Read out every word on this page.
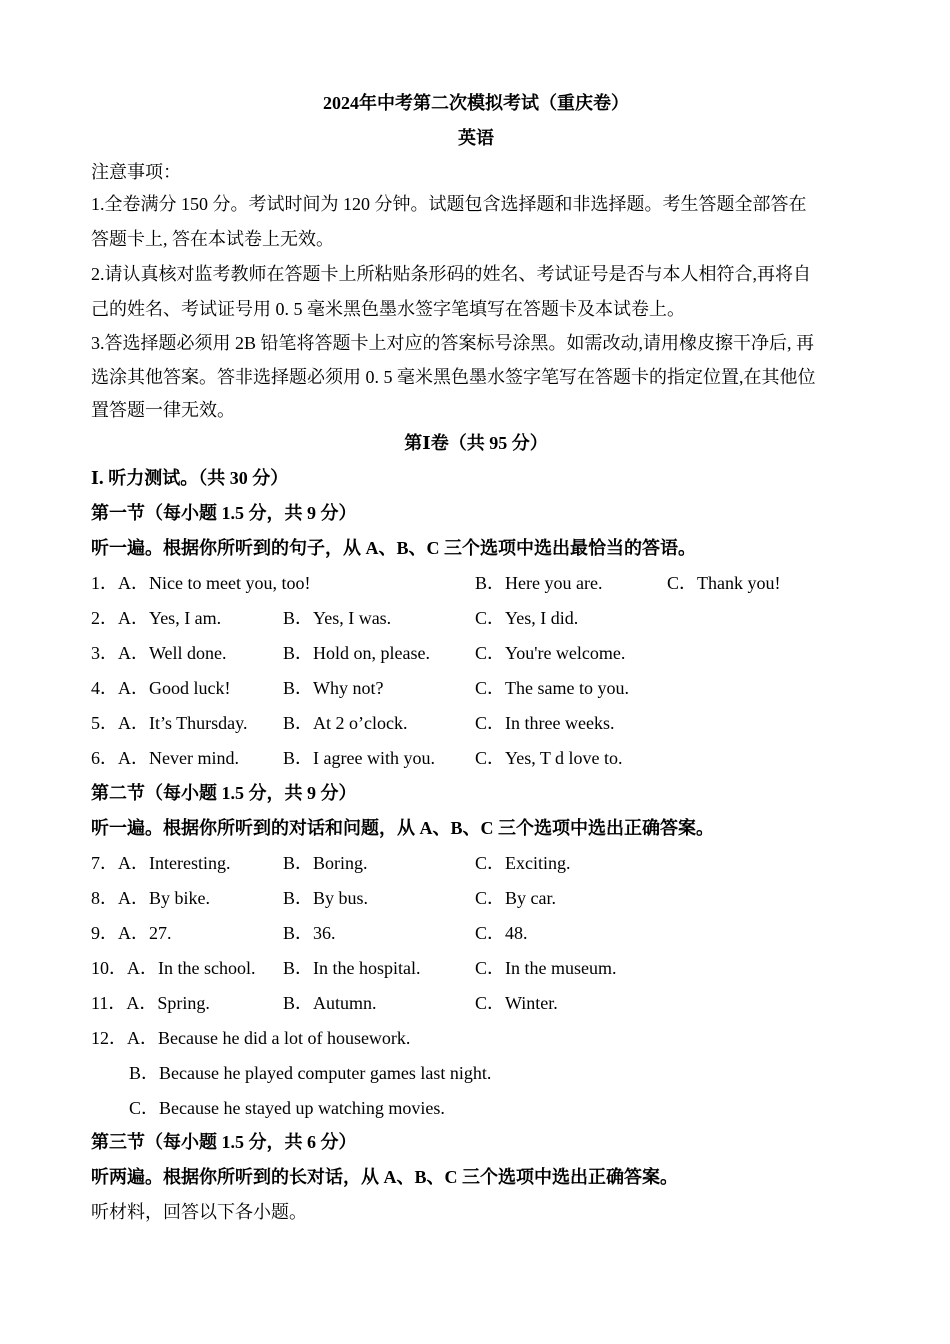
2024年中考第二次模拟考试（重庆卷）
英语
注意事项：
1.全卷满分 150 分。考试时间为 120 分钟。试题包含选择题和非选择题。考生答题全部答在
答题卡上, 答在本试卷上无效。
2.请认真核对监考教师在答题卡上所粘贴条形码的姓名、考试证号是否与本人相符合,再将自
己的姓名、考试证号用 0. 5 毫米黑色墨水签字笔填写在答题卡及本试卷上。
3.答选择题必须用 2B 铅笔将答题卡上对应的答案标号涂黑。如需改动,请用橡皮擦干净后, 再
选涂其他答案。答非选择题必须用 0. 5 毫米黑色墨水签字笔写在答题卡的指定位置,在其他位
置答题一律无效。
第Ⅰ卷（共 95 分）
I. 听力测试。（共 30 分）
第一节（每小题 1.5 分，共 9 分）
听一遍。根据你所听到的句子，从 A、B、C 三个选项中选出最恰当的答语。
1．A．Nice to meet you, too!	B．Here you are.	C．Thank you!
2．A．Yes, I am.	B．Yes, I was.	C．Yes, I did.
3．A．Well done.	B．Hold on, please.	C．You're welcome.
4．A．Good luck!	B．Why not?	C．The same to you.
5．A．It’s Thursday. B．At 2 o’clock.	C．In three weeks.
6．A．Never mind. B．I agree with you. C．Yes, T d love to.
第二节（每小题 1.5 分，共 9 分）
听一遍。根据你所听到的对话和问题，从 A、B、C 三个选项中选出正确答案。
7．A．Interesting.	B．Boring.	C．Exciting.
8．A．By bike.	B．By bus.	C．By car.
9．A．27.	B．36.	C．48.
10．A．In the school. B．In the hospital.	C．In the museum.
11．A．Spring.	B．Autumn.	C．Winter.
12．A．Because he did a lot of housework.
B．Because he played computer games last night.
C．Because he stayed up watching movies.
第三节（每小题 1.5 分，共 6 分）
听两遍。根据你所听到的长对话，从 A、B、C 三个选项中选出正确答案。
听材料，回答以下各小题。
